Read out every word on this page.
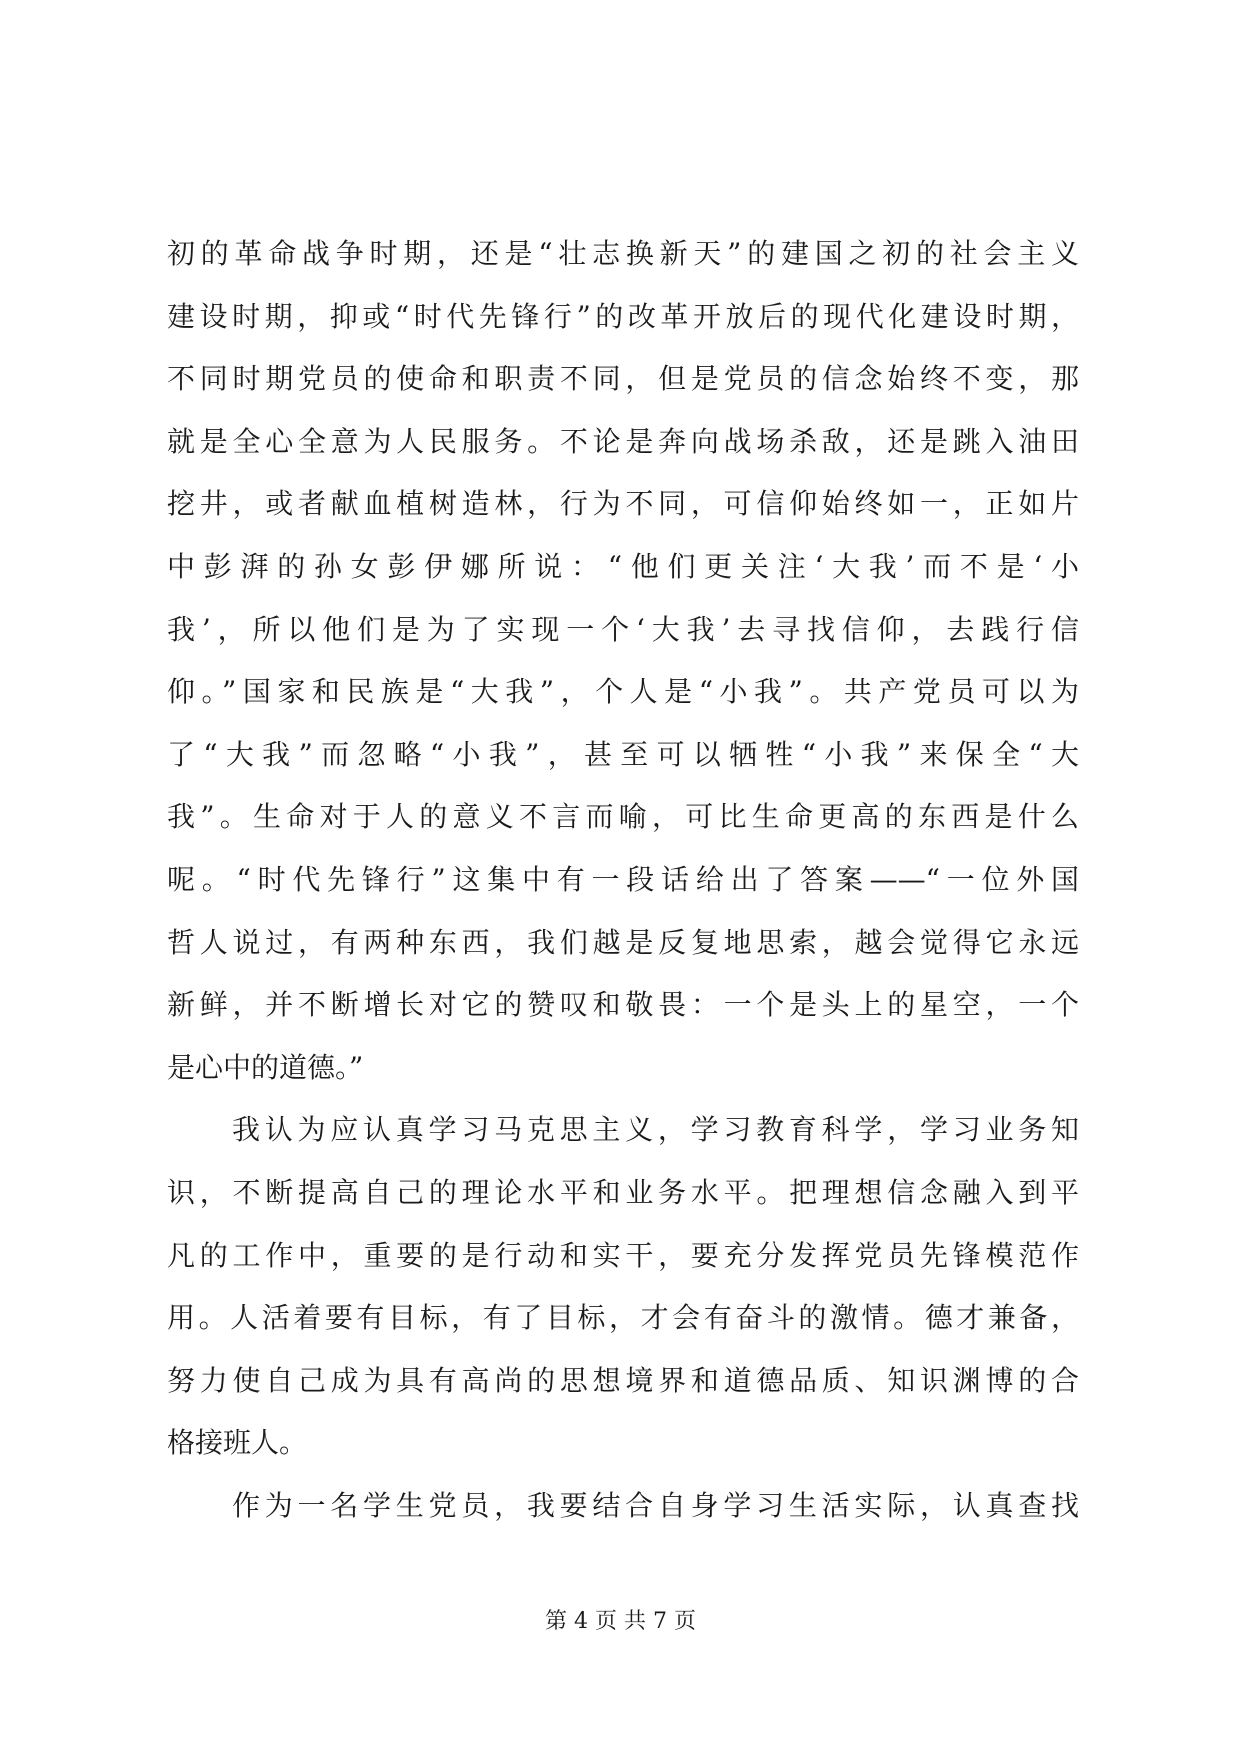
初的革命战争时期，还是“壮志换新天”的建国之初的社会主义
建设时期，抑或“时代先锋行”的改革开放后的现代化建设时期，
不同时期党员的使命和职责不同，但是党员的信念始终不变，那
就是全心全意为人民服务。不论是奔向战场杀敌，还是跳入油田
挖井，或者献血植树造林，行为不同，可信仰始终如一，正如片
中彭湃的孙女彭伊娜所说：“他们更关注‘大我’而不是‘小
我’，所以他们是为了实现一个‘大我’去寻找信仰，去践行信
仰。”国家和民族是“大我”，个人是“小我”。共产党员可以为
了“大我”而忽略“小我”，甚至可以牺牲“小我”来保全“大
我”。生命对于人的意义不言而喻，可比生命更高的东西是什么
呢。“时代先锋行”这集中有一段话给出了答案——“一位外国
哲人说过，有两种东西，我们越是反复地思索，越会觉得它永远
新鲜，并不断增长对它的赞叹和敬畏：一个是头上的星空，一个
是心中的道德。”
我认为应认真学习马克思主义，学习教育科学，学习业务知
识，不断提高自己的理论水平和业务水平。把理想信念融入到平
凡的工作中，重要的是行动和实干，要充分发挥党员先锋模范作
用。人活着要有目标，有了目标，才会有奋斗的激情。德才兼备，
努力使自己成为具有高尚的思想境界和道德品质、知识渊博的合
格接班人。
作为一名学生党员，我要结合自身学习生活实际，认真查找
第 4 页 共 7 页
